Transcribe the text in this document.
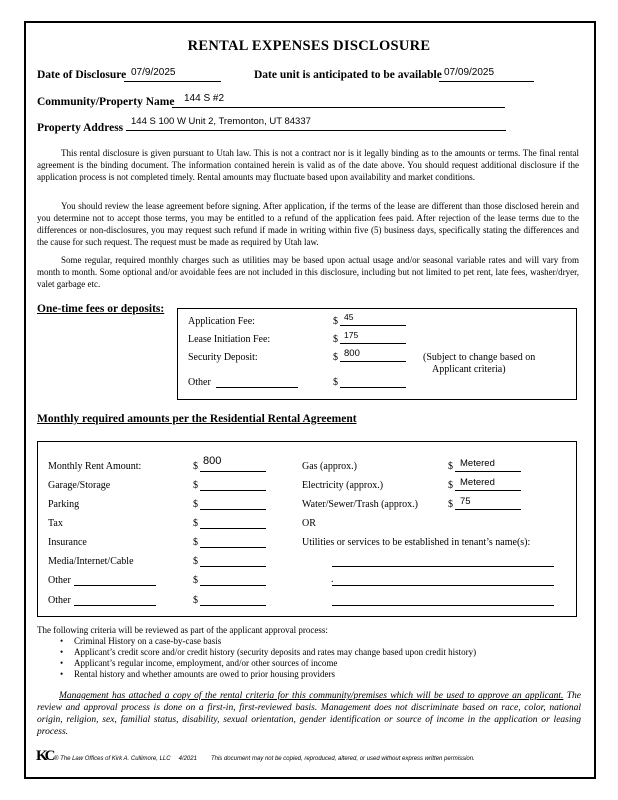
RENTAL EXPENSES DISCLOSURE
Date of Disclosure 07/9/2025	Date unit is anticipated to be available 07/09/2025
Community/Property Name 144 S #2
Property Address
144 S 100 W Unit 2, Tremonton, UT 84337
This rental disclosure is given pursuant to Utah law. This is not a contract nor is it legally binding as to the amounts or terms. The final rental agreement is the binding document. The information contained herein is valid as of the date above. You should request additional disclosure if the application process is not completed timely. Rental amounts may fluctuate based upon availability and market conditions.
You should review the lease agreement before signing. After application, if the terms of the lease are different than those disclosed herein and you determine not to accept those terms, you may be entitled to a refund of the application fees paid. After rejection of the lease terms due to the differences or non-disclosures, you may request such refund if made in writing within five (5) business days, specifically stating the differences and the cause for such request. The request must be made as required by Utah law.
Some regular, required monthly charges such as utilities may be based upon actual usage and/or seasonal variable rates and will vary from month to month. Some optional and/or avoidable fees are not included in this disclosure, including but not limited to pet rent, late fees, washer/dryer, valet garbage etc.
One-time fees or deposits:
Application Fee:	$ 45
Lease Initiation Fee:	$ 175
Security Deposit:	$ 800	(Subject to change based on
Applicant criteria)
Other	$
Monthly required amounts per the Residential Rental Agreement
Monthly Rent Amount:	$ 800
Garage/Storage	$
Parking	$
Tax	$
Insurance	$
Media/Internet/Cable	$
Other	$
Other	$
Gas (approx.)	$ Metered
Electricity (approx.)	$ Metered
Water/Sewer/Trash (approx.)	$ 75
OR
Utilities or services to be established in tenant’s name(s):
.
The following criteria will be reviewed as part of the applicant approval process:
• Criminal History on a case-by-case basis
• Applicant’s credit score and/or credit history (security deposits and rates may change based upon credit history)
• Applicant’s regular income, employment, and/or other sources of income
• Rental history and whether amounts are owed to prior housing providers
Management has attached a copy of the rental criteria for this community/premises which will be used to approve an applicant. The review and approval process is done on a first-in, first-reviewed basis. Management does not discriminate based on race, color, national origin, religion, sex, familial status, disability, sexual orientation, gender identification or source of income in the application or leasing process.
KC ® The Law Offices of Kirk A. Cullimore, LLC 4/2021 This document may not be copied, reproduced, altered, or used without express written permission.
